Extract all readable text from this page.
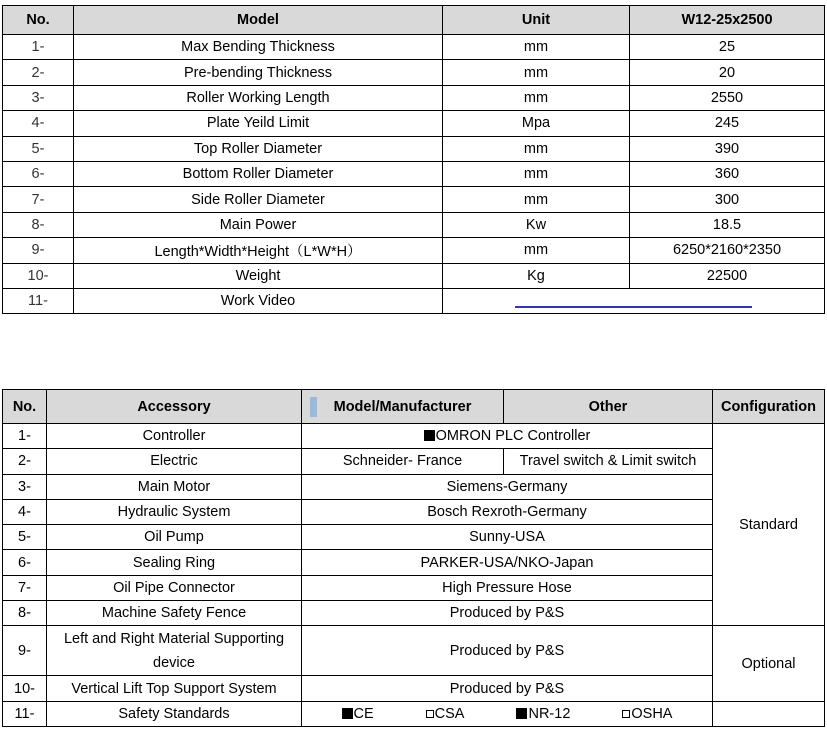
No.	Model	Unit	W12-25x2500
1-	Max Bending Thickness	mm	25
2-	Pre-bending Thickness	mm	20
3-	Roller Working Length	mm	2550
4-	Plate Yeild Limit	Mpa	245
5-	Top Roller Diameter	mm	390
6-	Bottom Roller Diameter	mm	360
7-	Side Roller Diameter	mm	300
8-	Main Power	Kw	18.5
9-	Length*Width*Height（L*W*H）	mm	6250*2160*2350
10-	Weight	Kg	22500
11-	Work Video		
No.	Accessory	Model/Manufacturer	Other	Configuration
1-	Controller	OMRON PLC Controller		Standard
2-	Electric	Schneider- France	Travel switch & Limit switch	
3-	Main Motor	Siemens-Germany		
4-	Hydraulic System	Bosch Rexroth-Germany		
5-	Oil Pump	Sunny-USA		
6-	Sealing Ring	PARKER-USA/NKO-Japan		
7-	Oil Pipe Connector	High Pressure Hose		
8-	Machine Safety Fence	Produced by P&S		
9-	Left and Right Material Supporting device	Produced by P&S		Optional
10-	Vertical Lift Top Support System	Produced by P&S		
11-	Safety Standards	CE CSA NR-12 OSHA		
